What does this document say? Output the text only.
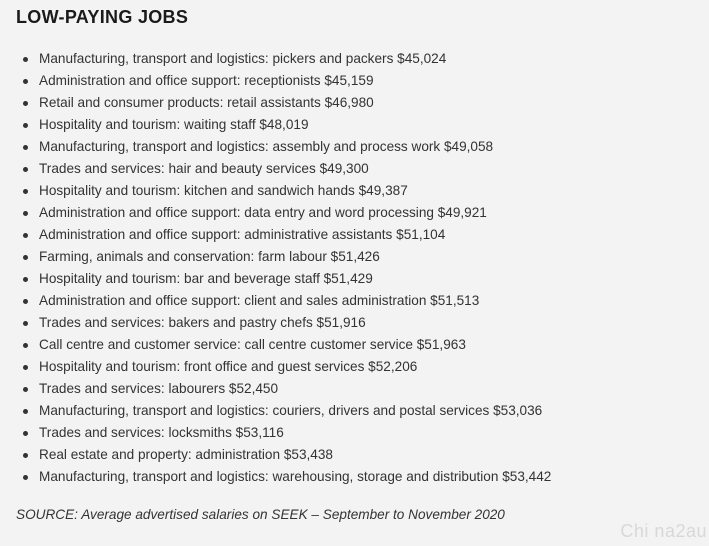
LOW-PAYING JOBS
Manufacturing, transport and logistics: pickers and packers $45,024
Administration and office support: receptionists $45,159
Retail and consumer products: retail assistants $46,980
Hospitality and tourism: waiting staff $48,019
Manufacturing, transport and logistics: assembly and process work $49,058
Trades and services: hair and beauty services $49,300
Hospitality and tourism: kitchen and sandwich hands $49,387
Administration and office support: data entry and word processing $49,921
Administration and office support: administrative assistants $51,104
Farming, animals and conservation: farm labour $51,426
Hospitality and tourism: bar and beverage staff $51,429
Administration and office support: client and sales administration $51,513
Trades and services: bakers and pastry chefs $51,916
Call centre and customer service: call centre customer service $51,963
Hospitality and tourism: front office and guest services $52,206
Trades and services: labourers $52,450
Manufacturing, transport and logistics: couriers, drivers and postal services $53,036
Trades and services: locksmiths $53,116
Real estate and property: administration $53,438
Manufacturing, transport and logistics: warehousing, storage and distribution $53,442

SOURCE: Average advertised salaries on SEEK – September to November 2020

Chi na2au
